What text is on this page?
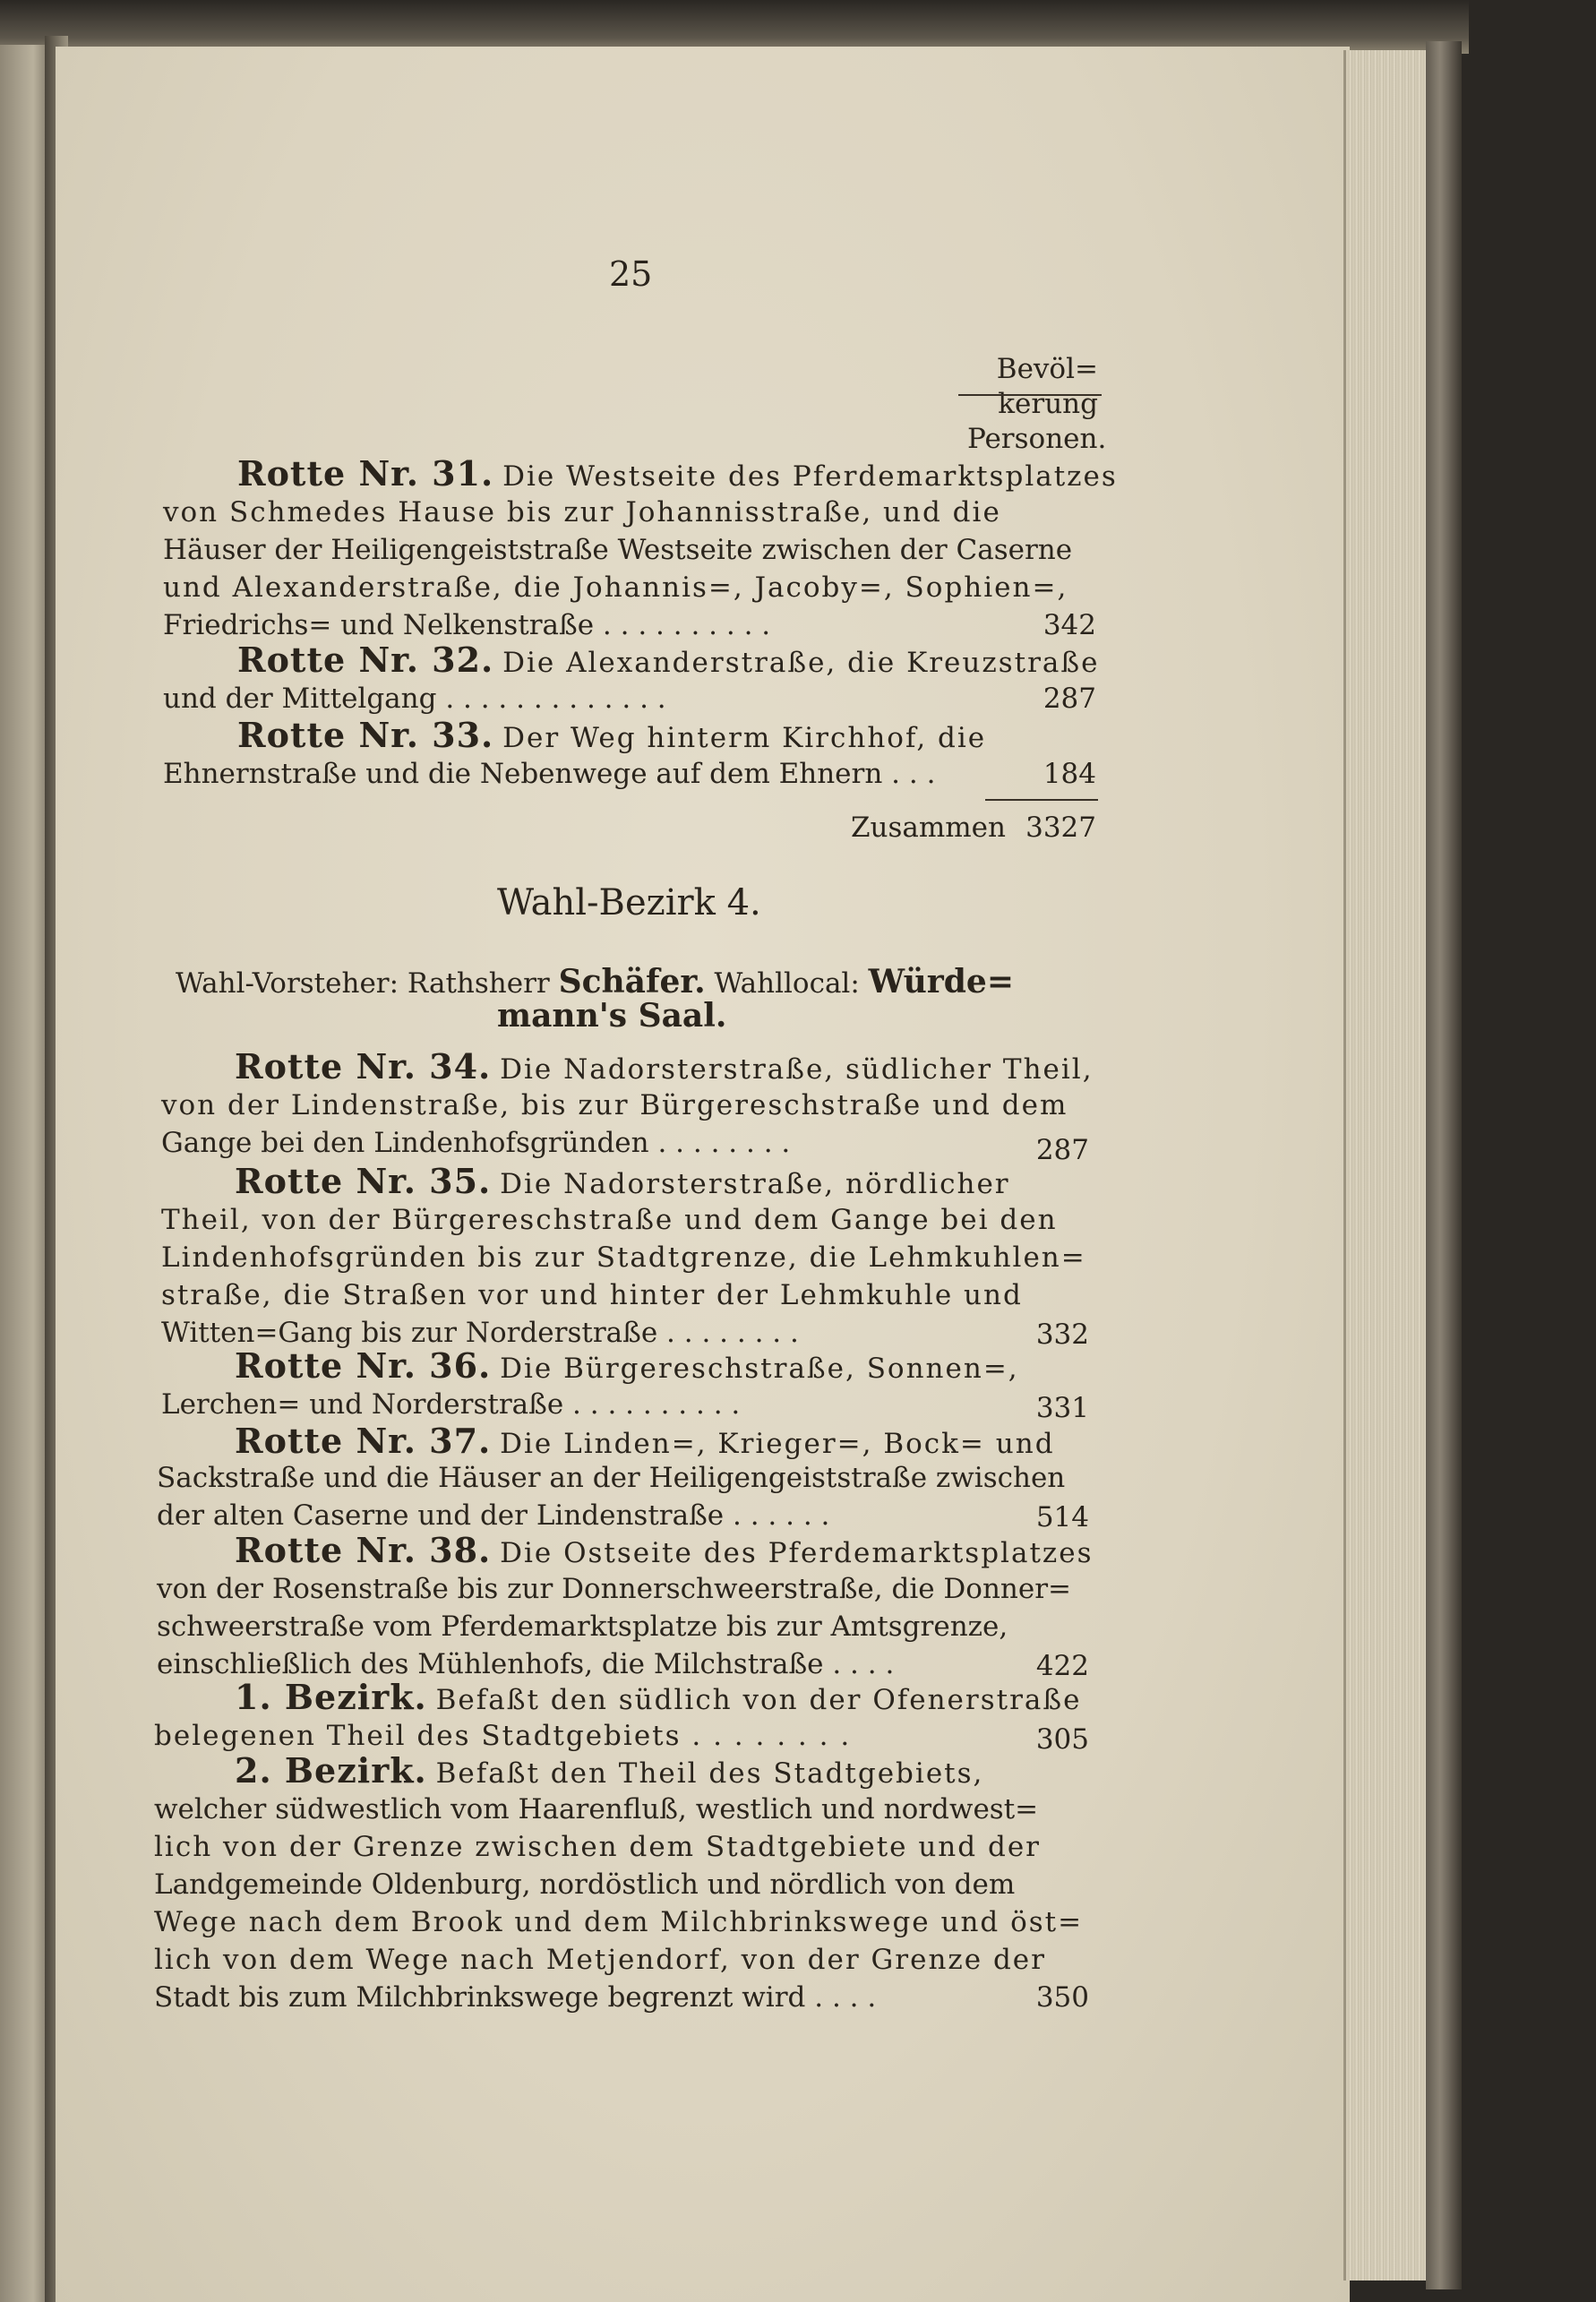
25
Bevöl=
kerung
Personen.
Rotte Nr. 31. Die Westseite des Pferdemarktsplatzes
von Schmedes Hause bis zur Johannisstraße, und die
Häuser der Heiligengeiststraße Westseite zwischen der Caserne
und Alexanderstraße, die Johannis=, Jacoby=, Sophien=,
Friedrichs= und Nelkenstraße . . . . . . . . . .	342
Rotte Nr. 32. Die Alexanderstraße, die Kreuzstraße
und der Mittelgang . . . . . . . . . . . . .	287
Rotte Nr. 33. Der Weg hinterm Kirchhof, die
Ehnernstraße und die Nebenwege auf dem Ehnern . . .	184
Zusammen 3327
Wahl-Bezirk 4.
Wahl-Vorsteher: Rathsherr Schäfer. Wahllocal: Würde=
mann's Saal.
Rotte Nr. 34. Die Nadorsterstraße, südlicher Theil,
von der Lindenstraße, bis zur Bürgereschstraße und dem
Gange bei den Lindenhofsgründen . . . . . . . .	287
Rotte Nr. 35. Die Nadorsterstraße, nördlicher
Theil, von der Bürgereschstraße und dem Gange bei den
Lindenhofsgründen bis zur Stadtgrenze, die Lehmkuhlen=
straße, die Straßen vor und hinter der Lehmkuhle und
Witten=Gang bis zur Norderstraße . . . . . . . .	332
Rotte Nr. 36. Die Bürgereschstraße, Sonnen=,
Lerchen= und Norderstraße . . . . . . . . . .	331
Rotte Nr. 37. Die Linden=, Krieger=, Bock= und
Sackstraße und die Häuser an der Heiligengeiststraße zwischen
der alten Caserne und der Lindenstraße . . . . . .	514
Rotte Nr. 38. Die Ostseite des Pferdemarktsplatzes
von der Rosenstraße bis zur Donnerschweerstraße, die Donner=
schweerstraße vom Pferdemarktsplatze bis zur Amtsgrenze,
einschließlich des Mühlenhofs, die Milchstraße . . . .	422
1. Bezirk. Befaßt den südlich von der Ofenerstraße
belegenen Theil des Stadtgebiets . . . . . . . .	305
2. Bezirk. Befaßt den Theil des Stadtgebiets,
welcher südwestlich vom Haarenfluß, westlich und nordwest=
lich von der Grenze zwischen dem Stadtgebiete und der
Landgemeinde Oldenburg, nordöstlich und nördlich von dem
Wege nach dem Brook und dem Milchbrinkswege und öst=
lich von dem Wege nach Metjendorf, von der Grenze der
Stadt bis zum Milchbrinkswege begrenzt wird . . . .	350
